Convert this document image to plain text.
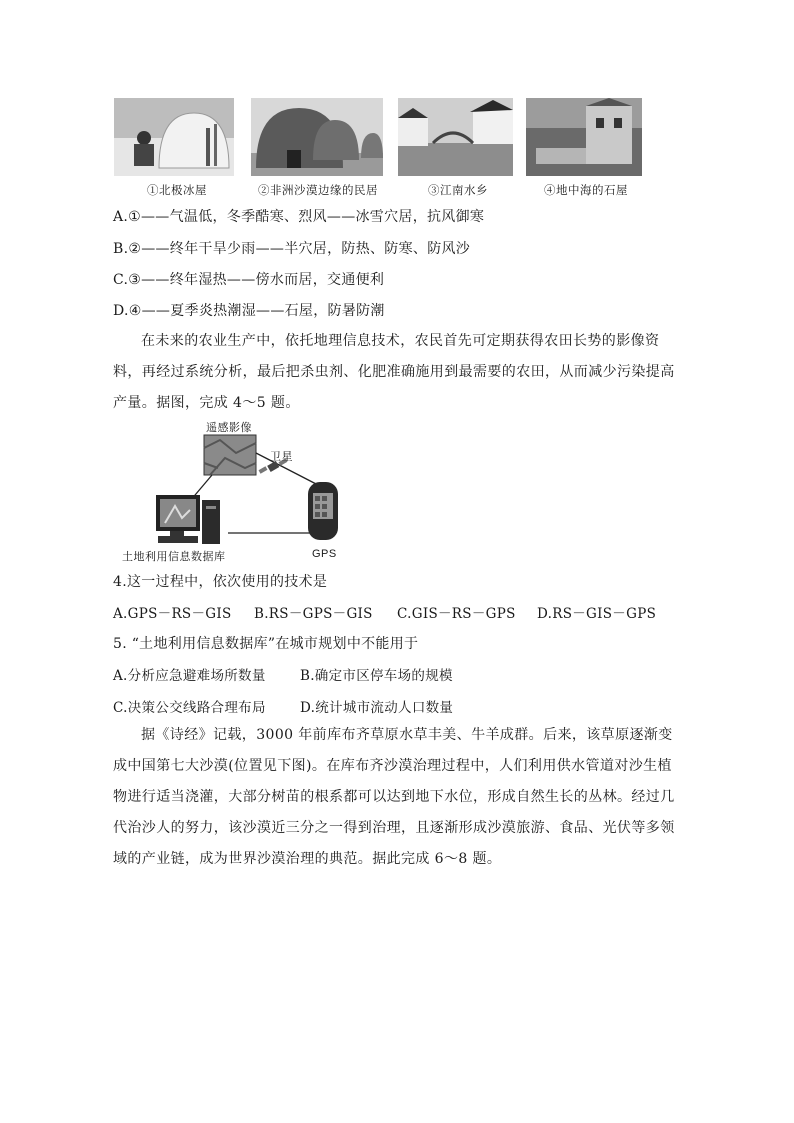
①北极冰屋	②非洲沙漠边缘的民居	③江南水乡	④地中海的石屋
A.①——气温低，冬季酷寒、烈风——冰雪穴居，抗风御寒
B.②——终年干旱少雨——半穴居，防热、防寒、防风沙
C.③——终年湿热——傍水而居，交通便利
D.④——夏季炎热潮湿——石屋，防暑防潮
在未来的农业生产中，依托地理信息技术，农民首先可定期获得农田长势的影像资料，再经过系统分析，最后把杀虫剂、化肥准确施用到最需要的农田，从而减少污染提高产量。据图，完成 4～5 题。
遥感影像
卫星
土地利用信息数据库	GPS
4.这一过程中，依次使用的技术是
A.GPS－RS－GIS B.RS－GPS－GIS C.GIS－RS－GPS D.RS－GIS－GPS
5. “土地利用信息数据库”在城市规划中不能用于
A.分析应急避难场所数量	B.确定市区停车场的规模
C.决策公交线路合理布局	D.统计城市流动人口数量
据《诗经》记载，3000 年前库布齐草原水草丰美、牛羊成群。后来，该草原逐渐变成中国第七大沙漠(位置见下图)。在库布齐沙漠治理过程中，人们利用供水管道对沙生植物进行适当浇灌，大部分树苗的根系都可以达到地下水位，形成自然生长的丛林。经过几代治沙人的努力，该沙漠近三分之一得到治理，且逐渐形成沙漠旅游、食品、光伏等多领域的产业链，成为世界沙漠治理的典范。据此完成 6～8 题。
